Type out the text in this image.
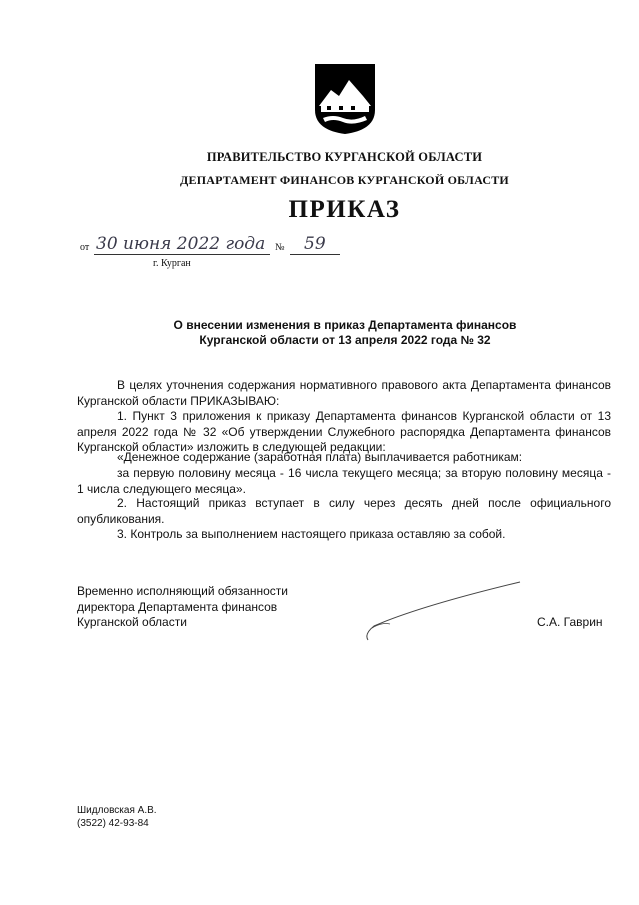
ПРАВИТЕЛЬСТВО КУРГАНСКОЙ ОБЛАСТИ
ДЕПАРТАМЕНТ ФИНАНСОВ КУРГАНСКОЙ ОБЛАСТИ
ПРИКАЗ
от 30 июня 2022 года № 59
г. Курган
О внесении изменения в приказ Департамента финансов
Курганской области от 13 апреля 2022 года № 32
В целях уточнения содержания нормативного правового акта Департамента финансов Курганской области ПРИКАЗЫВАЮ:
1. Пункт 3 приложения к приказу Департамента финансов Курганской области от 13 апреля 2022 года № 32 «Об утверждении Служебного распорядка Департамента финансов Курганской области» изложить в следующей редакции:
«Денежное содержание (заработная плата) выплачивается работникам:
за первую половину месяца - 16 числа текущего месяца; за вторую половину месяца - 1 числа следующего месяца».
2. Настоящий приказ вступает в силу через десять дней после официального опубликования.
3. Контроль за выполнением настоящего приказа оставляю за собой.
Временно исполняющий обязанности
директора Департамента финансов
Курганской области	С.А. Гаврин
Шидловская А.В.
(3522) 42-93-84
